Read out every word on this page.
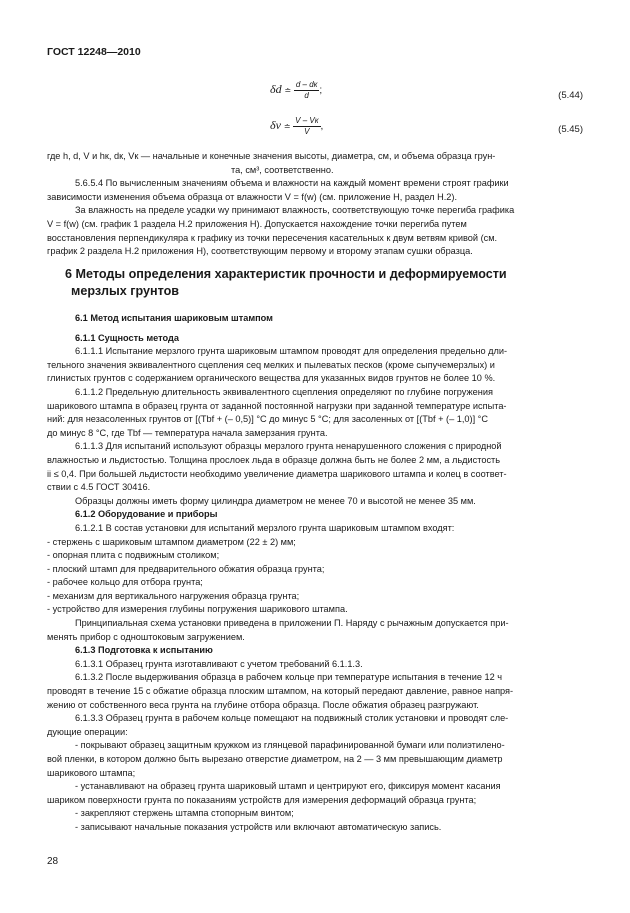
ГОСТ 12248—2010
δd ≐ $\frac{d - dк}{d}$ ;	(5.44)
δv ≐ $\frac{V - Vк}{V}$ ,	(5.45)

где h, d, V и hк, dк, Vк — начальные и конечные значения высоты, диаметра, см, и объема образца грун-

та, см³, соответственно.

5.6.5.4 По вычисленным значениям объема и влажности на каждый момент времени строят графики

зависимости изменения объема образца от влажности V = f(w) (см. приложение Н, раздел Н.2).

За влажность на пределе усадки wy принимают влажность, соответствующую точке перегиба графика

V = f(w) (см. график 1 раздела Н.2 приложения Н). Допускается нахождение точки перегиба путем

восстановления перпендикуляра к графику из точки пересечения касательных к двум ветвям кривой (см.

график 2 раздела Н.2 приложения Н), соответствующим первому и второму этапам сушки образца.

6 Методы определения характеристик прочности и деформируемости
мерзлых грунтов

6.1 Метод испытания шариковым штампом

6.1.1 Сущность метода

6.1.1.1 Испытание мерзлого грунта шариковым штампом проводят для определения предельно дли-

тельного значения эквивалентного сцепления ceq мелких и пылеватых песков (кроме сыпучемерзлых) и

глинистых грунтов с содержанием органического вещества для указанных видов грунтов не более 10 %.

6.1.1.2 Предельную длительность эквивалентного сцепления определяют по глубине погружения

шарикового штампа в образец грунта от заданной постоянной нагрузки при заданной температуре испыта-

ний: для незасоленных грунтов от [(Tbf + (– 0,5)] °С до минус 5 °С; для засоленных от [(Tbf + (– 1,0)] °С

до минус 8 °С, где Tbf — температура начала замерзания грунта.

6.1.1.3 Для испытаний используют образцы мерзлого грунта ненарушенного сложения с природной

влажностью и льдистостью. Толщина прослоек льда в образце должна быть не более 2 мм, а льдистость

ii ≤ 0,4. При большей льдистости необходимо увеличение диаметра шарикового штампа и колец в соответ-

ствии с 4.5 ГОСТ 30416.

Образцы должны иметь форму цилиндра диаметром не менее 70 и высотой не менее 35 мм.

6.1.2 Оборудование и приборы

6.1.2.1 В состав установки для испытаний мерзлого грунта шариковым штампом входят:

- стержень с шариковым штампом диаметром (22 ± 2) мм;

- опорная плита с подвижным столиком;

- плоский штамп для предварительного обжатия образца грунта;

- рабочее кольцо для отбора грунта;

- механизм для вертикального нагружения образца грунта;

- устройство для измерения глубины погружения шарикового штампа.

Принципиальная схема установки приведена в приложении П. Наряду с рычажным допускается при-

менять прибор с одноштоковым загружением.

6.1.3 Подготовка к испытанию

6.1.3.1 Образец грунта изготавливают с учетом требований 6.1.1.3.

6.1.3.2 После выдерживания образца в рабочем кольце при температуре испытания в течение 12 ч

проводят в течение 15 с обжатие образца плоским штампом, на который передают давление, равное напря-

жению от собственного веса грунта на глубине отбора образца. После обжатия образец разгружают.

6.1.3.3 Образец грунта в рабочем кольце помещают на подвижный столик установки и проводят сле-

дующие операции:

- покрывают образец защитным кружком из глянцевой парафинированной бумаги или полиэтилено-

вой пленки, в котором должно быть вырезано отверстие диаметром, на 2 — 3 мм превышающим диаметр

шарикового штампа;

- устанавливают на образец грунта шариковый штамп и центрируют его, фиксируя момент касания

шариком поверхности грунта по показаниям устройств для измерения деформаций образца грунта;

- закрепляют стержень штампа стопорным винтом;

- записывают начальные показания устройств или включают автоматическую запись.

28
